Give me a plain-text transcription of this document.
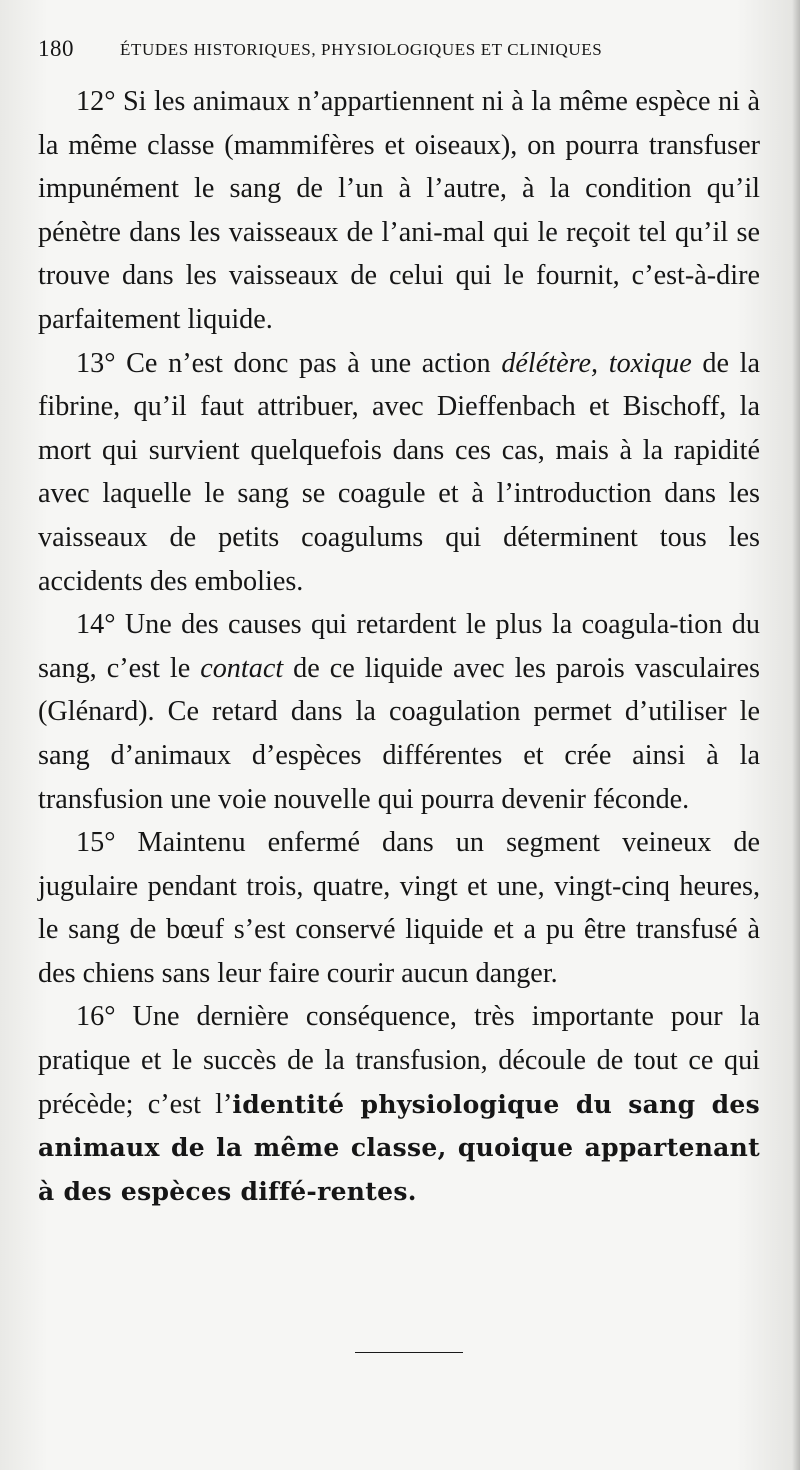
180	ÉTUDES HISTORIQUES, PHYSIOLOGIQUES ET CLINIQUES

12° Si les animaux n’appartiennent ni à la même espèce ni à la même classe (mammifères et oiseaux), on pourra transfuser impunément le sang de l’un à l’autre, à la condition qu’il pénètre dans les vaisseaux de l’ani-mal qui le reçoit tel qu’il se trouve dans les vaisseaux de celui qui le fournit, c’est-à-dire parfaitement liquide.

13° Ce n’est donc pas à une action délétère, toxique de la fibrine, qu’il faut attribuer, avec Dieffenbach et Bischoff, la mort qui survient quelquefois dans ces cas, mais à la rapidité avec laquelle le sang se coagule et à l’introduction dans les vaisseaux de petits coagulums qui déterminent tous les accidents des embolies.

14° Une des causes qui retardent le plus la coagula-tion du sang, c’est le contact de ce liquide avec les parois vasculaires (Glénard). Ce retard dans la coagulation permet d’utiliser le sang d’animaux d’espèces différentes et crée ainsi à la transfusion une voie nouvelle qui pourra devenir féconde.

15° Maintenu enfermé dans un segment veineux de jugulaire pendant trois, quatre, vingt et une, vingt-cinq heures, le sang de bœuf s’est conservé liquide et a pu être transfusé à des chiens sans leur faire courir aucun danger.

16° Une dernière conséquence, très importante pour la pratique et le succès de la transfusion, découle de tout ce qui précède; c’est l’identité physiologique du sang des animaux de la même classe, quoique appartenant à des espèces diffé-rentes.
